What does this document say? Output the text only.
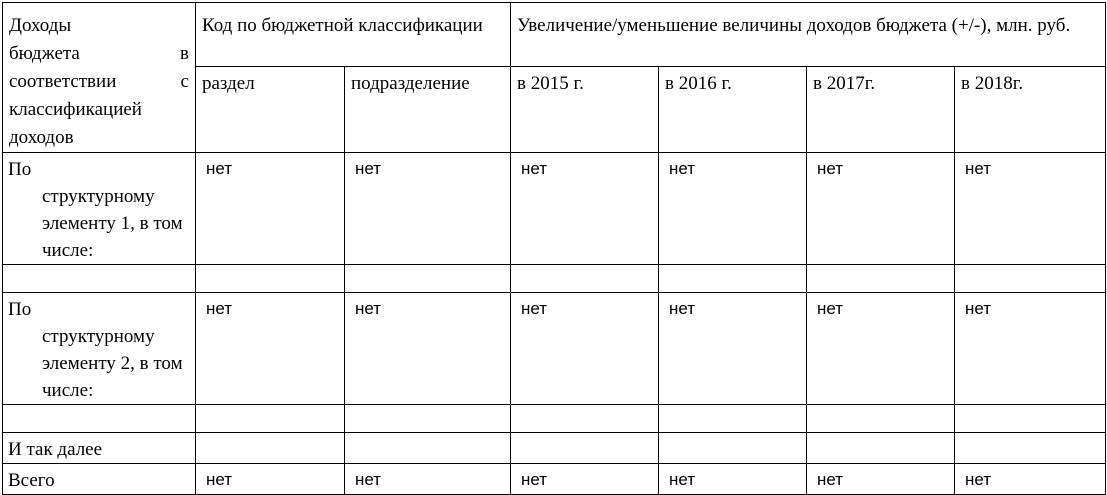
Доходы
бюджета в
соответствии с
классификацией
доходов	Код по бюджетной классификации		Увеличение/уменьшение величины доходов бюджета (+/-), млн. руб.			
	раздел	подразделение	в 2015 г.	в 2016 г.	в 2017г.	в 2018г.

По
структурному
элементу 1, в том
числе:	нет	нет	нет	нет	нет	нет

По
структурному
элементу 2, в том
числе:	нет	нет	нет	нет	нет	нет

И так далее						
Всего	нет	нет	нет	нет	нет	нет
